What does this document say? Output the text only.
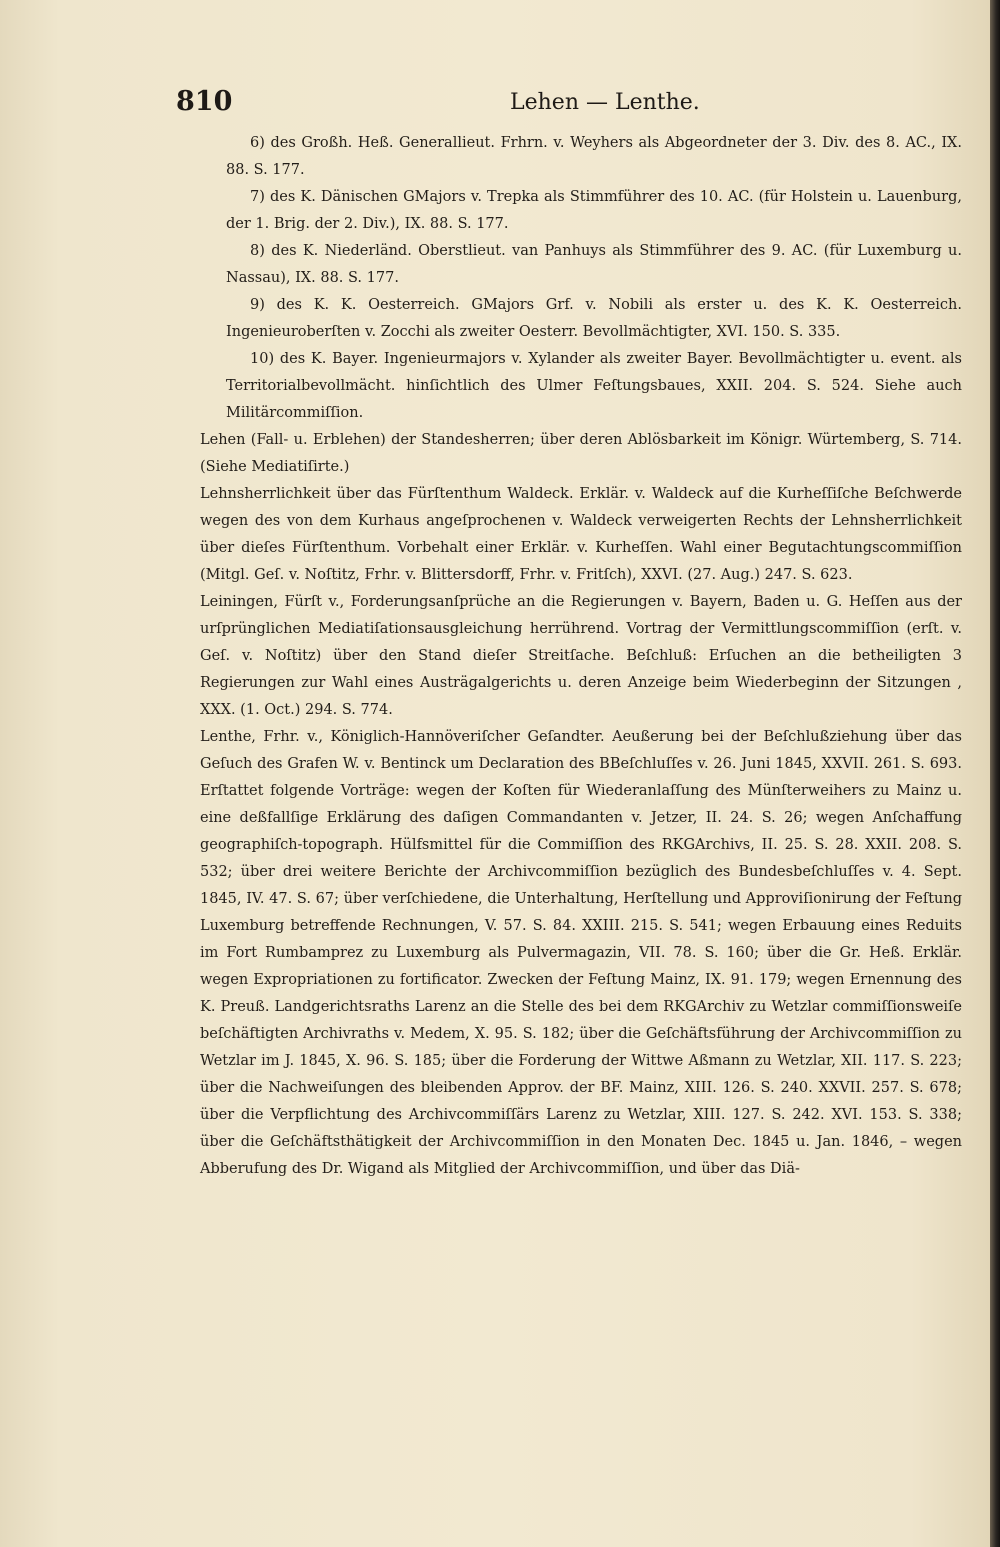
810	Lehen — Lenthe.

6) des Großh. Heß. Generallieut. Frhrn. v. Weyhers als Abgeordneter der 3. Div. des 8. AC., IX. 88. S. 177.

7) des K. Dänischen GMajors v. Trepka als Stimmführer des 10. AC. (für Holstein u. Lauenburg, der 1. Brig. der 2. Div.), IX. 88. S. 177.

8) des K. Niederländ. Oberstlieut. van Panhuys als Stimmführer des 9. AC. (für Luxemburg u. Nassau), IX. 88. S. 177.

9) des K. K. Oesterreich. GMajors Grf. v. Nobili als erster u. des K. K. Oesterreich. Ingenieuroberſten v. Zocchi als zweiter Oesterr. Bevollmächtigter, XVI. 150. S. 335.

10) des K. Bayer. Ingenieurmajors v. Xylander als zweiter Bayer. Bevollmächtigter u. event. als Territorialbevollmächt. hinſichtlich des Ulmer Feſtungsbaues, XXII. 204. S. 524. Siehe auch Militärcommiſſion.

Lehen (Fall- u. Erblehen) der Standesherren; über deren Ablösbarkeit im Königr. Würtemberg, S. 714. (Siehe Mediatiſirte.)

Lehnsherrlichkeit über das Fürſtenthum Waldeck. Erklär. v. Waldeck auf die Kurheſſiſche Beſchwerde wegen des von dem Kurhaus angeſprochenen v. Waldeck verweigerten Rechts der Lehnsherrlichkeit über dieſes Fürſtenthum. Vorbehalt einer Erklär. v. Kurheſſen. Wahl einer Begutachtungscommiſſion (Mitgl. Geſ. v. Noſtitz, Frhr. v. Blittersdorff, Frhr. v. Fritſch), XXVI. (27. Aug.) 247. S. 623.

Leiningen, Fürſt v., Forderungsanſprüche an die Regierungen v. Bayern, Baden u. G. Heſſen aus der urſprünglichen Mediatiſationsausgleichung herrührend. Vortrag der Vermittlungscommiſſion (erſt. v. Geſ. v. Noſtitz) über den Stand dieſer Streitſache. Beſchluß: Erſuchen an die betheiligten 3 Regierungen zur Wahl eines Austrägalgerichts u. deren Anzeige beim Wiederbeginn der Sitzungen , XXX. (1. Oct.) 294. S. 774.

Lenthe, Frhr. v., Königlich-Hannöveriſcher Geſandter. Aeußerung bei der Beſchlußziehung über das Geſuch des Grafen W. v. Bentinck um Declaration des BBeſchluſſes v. 26. Juni 1845, XXVII. 261. S. 693. Erſtattet folgende Vorträge: wegen der Koſten für Wiederanlaſſung des Münſterweihers zu Mainz u. eine deßfallſige Erklärung des daſigen Commandanten v. Jetzer, II. 24. S. 26; wegen Anſchaffung geographiſch-topograph. Hülfsmittel für die Commiſſion des RKGArchivs, II. 25. S. 28. XXII. 208. S. 532; über drei weitere Berichte der Archivcommiſſion bezüglich des Bundesbeſchluſſes v. 4. Sept. 1845, IV. 47. S. 67; über verſchiedene, die Unterhaltung, Herſtellung und Approviſionirung der Feſtung Luxemburg betreffende Rechnungen, V. 57. S. 84. XXIII. 215. S. 541; wegen Erbauung eines Reduits im Fort Rumbamprez zu Luxemburg als Pulvermagazin, VII. 78. S. 160; über die Gr. Heß. Erklär. wegen Expropriationen zu fortificator. Zwecken der Feſtung Mainz, IX. 91. 179; wegen Ernennung des K. Preuß. Landgerichtsraths Larenz an die Stelle des bei dem RKGArchiv zu Wetzlar commiſſionsweiſe beſchäftigten Archivraths v. Medem, X. 95. S. 182; über die Geſchäftsführung der Archivcommiſſion zu Wetzlar im J. 1845, X. 96. S. 185; über die Forderung der Wittwe Aßmann zu Wetzlar, XII. 117. S. 223; über die Nachweiſungen des bleibenden Approv. der BF. Mainz, XIII. 126. S. 240. XXVII. 257. S. 678; über die Verpflichtung des Archivcommiſſärs Larenz zu Wetzlar, XIII. 127. S. 242. XVI. 153. S. 338; über die Geſchäftsthätigkeit der Archivcommiſſion in den Monaten Dec. 1845 u. Jan. 1846, – wegen Abberufung des Dr. Wigand als Mitglied der Archivcommiſſion, und über das Diä-
